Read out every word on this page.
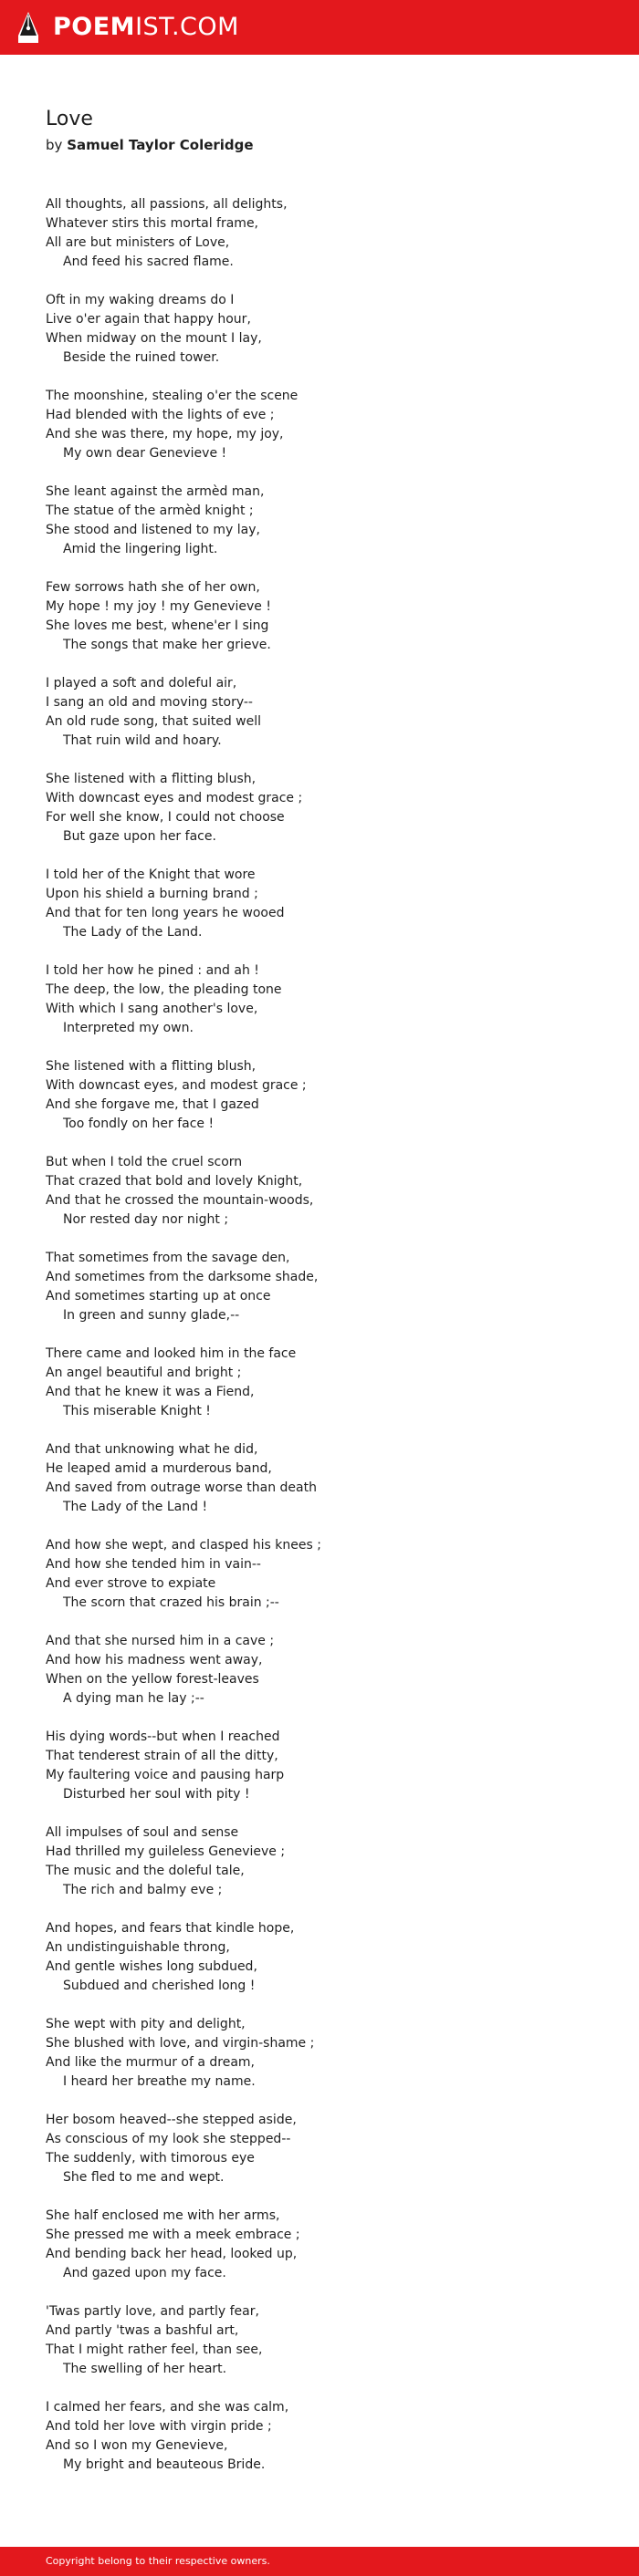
POEMIST.COM
Love
by Samuel Taylor Coleridge
All thoughts, all passions, all delights,
Whatever stirs this mortal frame,
All are but ministers of Love,
And feed his sacred flame.
Oft in my waking dreams do I
Live o'er again that happy hour,
When midway on the mount I lay,
Beside the ruined tower.
The moonshine, stealing o'er the scene
Had blended with the lights of eve ;
And she was there, my hope, my joy,
My own dear Genevieve !
She leant against the armèd man,
The statue of the armèd knight ;
She stood and listened to my lay,
Amid the lingering light.
Few sorrows hath she of her own,
My hope ! my joy ! my Genevieve !
She loves me best, whene'er I sing
The songs that make her grieve.
I played a soft and doleful air,
I sang an old and moving story--
An old rude song, that suited well
That ruin wild and hoary.
She listened with a flitting blush,
With downcast eyes and modest grace ;
For well she know, I could not choose
But gaze upon her face.
I told her of the Knight that wore
Upon his shield a burning brand ;
And that for ten long years he wooed
The Lady of the Land.
I told her how he pined : and ah !
The deep, the low, the pleading tone
With which I sang another's love,
Interpreted my own.
She listened with a flitting blush,
With downcast eyes, and modest grace ;
And she forgave me, that I gazed
Too fondly on her face !
But when I told the cruel scorn
That crazed that bold and lovely Knight,
And that he crossed the mountain-woods,
Nor rested day nor night ;
That sometimes from the savage den,
And sometimes from the darksome shade,
And sometimes starting up at once
In green and sunny glade,--
There came and looked him in the face
An angel beautiful and bright ;
And that he knew it was a Fiend,
This miserable Knight !
And that unknowing what he did,
He leaped amid a murderous band,
And saved from outrage worse than death
The Lady of the Land !
And how she wept, and clasped his knees ;
And how she tended him in vain--
And ever strove to expiate
The scorn that crazed his brain ;--
And that she nursed him in a cave ;
And how his madness went away,
When on the yellow forest-leaves
A dying man he lay ;--
His dying words--but when I reached
That tenderest strain of all the ditty,
My faultering voice and pausing harp
Disturbed her soul with pity !
All impulses of soul and sense
Had thrilled my guileless Genevieve ;
The music and the doleful tale,
The rich and balmy eve ;
And hopes, and fears that kindle hope,
An undistinguishable throng,
And gentle wishes long subdued,
Subdued and cherished long !
She wept with pity and delight,
She blushed with love, and virgin-shame ;
And like the murmur of a dream,
I heard her breathe my name.
Her bosom heaved--she stepped aside,
As conscious of my look she stepped--
The suddenly, with timorous eye
She fled to me and wept.
She half enclosed me with her arms,
She pressed me with a meek embrace ;
And bending back her head, looked up,
And gazed upon my face.
'Twas partly love, and partly fear,
And partly 'twas a bashful art,
That I might rather feel, than see,
The swelling of her heart.
I calmed her fears, and she was calm,
And told her love with virgin pride ;
And so I won my Genevieve,
My bright and beauteous Bride.
Copyright belong to their respective owners.
